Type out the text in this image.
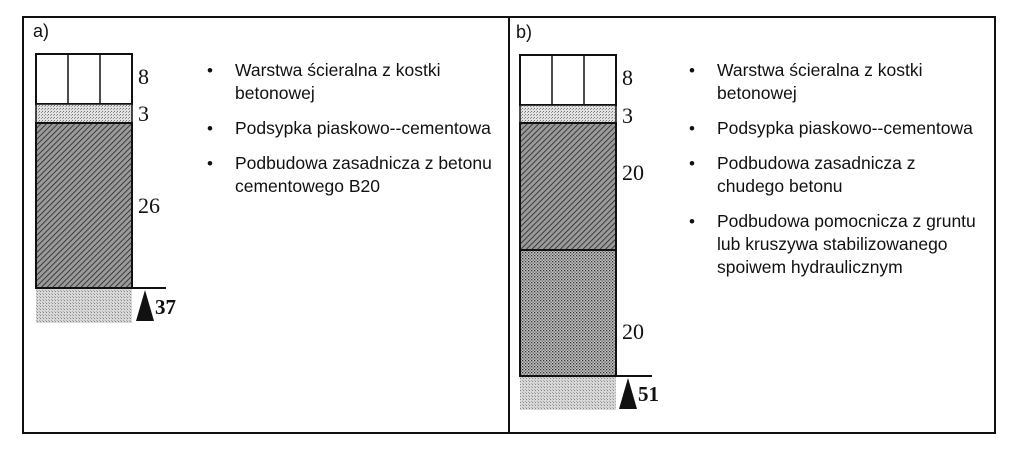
a)
8
3
26
37
• Warstwa ścieralna z kostki betonowej
• Podsypka piaskowo--cementowa
• Podbudowa zasadnicza z betonu cementowego B20
b)
8
3
20
20
51
• Warstwa ścieralna z kostki betonowej
• Podsypka piaskowo--cementowa
• Podbudowa zasadnicza z chudego betonu
• Podbudowa pomocnicza z gruntu lub kruszywa stabilizowanego spoiwem hydraulicznym
